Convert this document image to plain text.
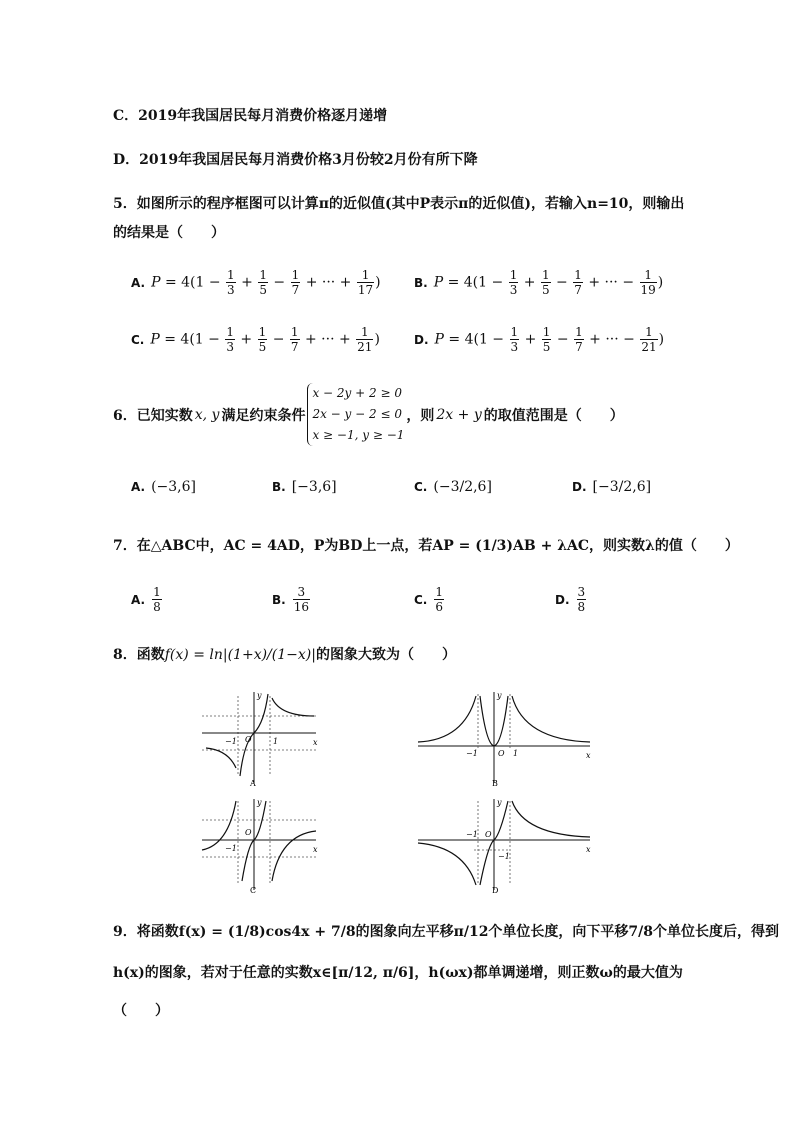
C．2019年我国居民每月消费价格逐月递增
D．2019年我国居民每月消费价格3月份较2月份有所下降
5．如图所示的程序框图可以计算π的近似值(其中P表示π的近似值)，若输入n=10，则输出
的结果是（　　）
A. $P = 4(1 - \frac{1}{3} + \frac{1}{5} - \frac{1}{7}$ + ··· + $\frac{1}{17}$ )	B. $P = 4(1 - \frac{1}{3} + \frac{1}{5} - \frac{1}{7}$ + ··· − $\frac{1}{19}$ )
C. $P = 4(1 - \frac{1}{3} + \frac{1}{5} - \frac{1}{7}$ + ··· + $\frac{1}{21}$ )	D. $P = 4(1 - \frac{1}{3} + \frac{1}{5} - \frac{1}{7}$ + ··· − $\frac{1}{21}$ )
6．已知实数 x, y 满足约束条件
x − 2y + 2 ≥ 0
2x − y − 2 ≤ 0
x ≥ −1, y ≥ −1
，则 2x + y 的取值范围是（　　）
A. (−3,6]	B. [−3,6]	C. (−3/2,6]	D. [−3/2,6]
7．在△ABC中，AC = 4AD，P为BD上一点，若AP = (1/3)AB + λAC，则实数λ的值（　　）
A. $\frac{1}{8}$	B. $\frac{3}{16}$	C. $\frac{1}{6}$	D. $\frac{3}{8}$
8．函数f(x) = ln|(1+x)/(1−x)|的图象大致为（　　）
y
x
O
−1	1
A
y
x
O
−1	1
B
y
x
O
−1
C
y
x
O
−1
−1
D
9．将函数f(x) = (1/8)cos4x + 7/8的图象向左平移π/12个单位长度，向下平移7/8个单位长度后，得到
h(x)的图象，若对于任意的实数x∈[π/12, π/6]，h(ωx)都单调递增，则正数ω的最大值为
（　　）
